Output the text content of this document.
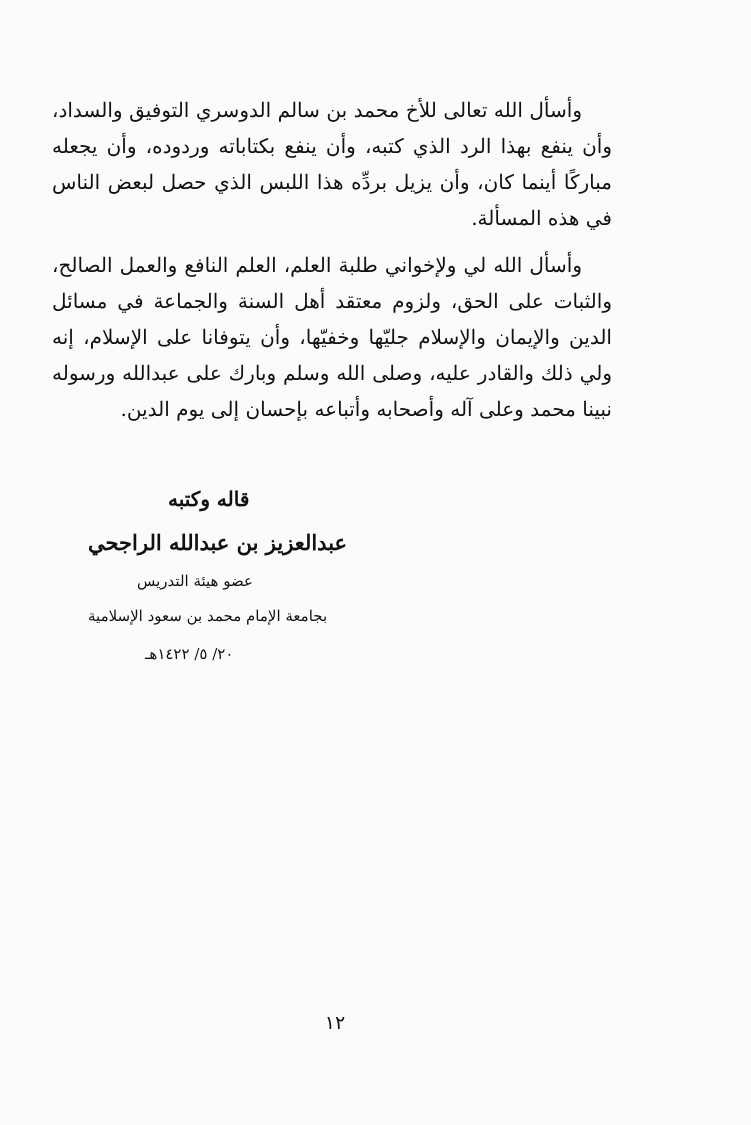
وأسأل الله تعالى للأخ محمد بن سالم الدوسري التوفيق والسداد، وأن ينفع بهذا الرد الذي كتبه، وأن ينفع بكتاباته وردوده، وأن يجعله مباركًا أينما كان، وأن يزيل بردِّه هذا اللبس الذي حصل لبعض الناس في هذه المسألة.

وأسأل الله لي ولإخواني طلبة العلم، العلم النافع والعمل الصالح، والثبات على الحق، ولزوم معتقد أهل السنة والجماعة في مسائل الدين والإيمان والإسلام جليّها وخفيّها، وأن يتوفانا على الإسلام، إنه ولي ذلك والقادر عليه، وصلى الله وسلم وبارك على عبدالله ورسوله نبينا محمد وعلى آله وأصحابه وأتباعه بإحسان إلى يوم الدين.

قاله وكتبه
عبدالعزيز بن عبدالله الراجحي
عضو هيئة التدريس
بجامعة الإمام محمد بن سعود الإسلامية
٢٠/ ٥/ ١٤٢٢هـ
١٢
